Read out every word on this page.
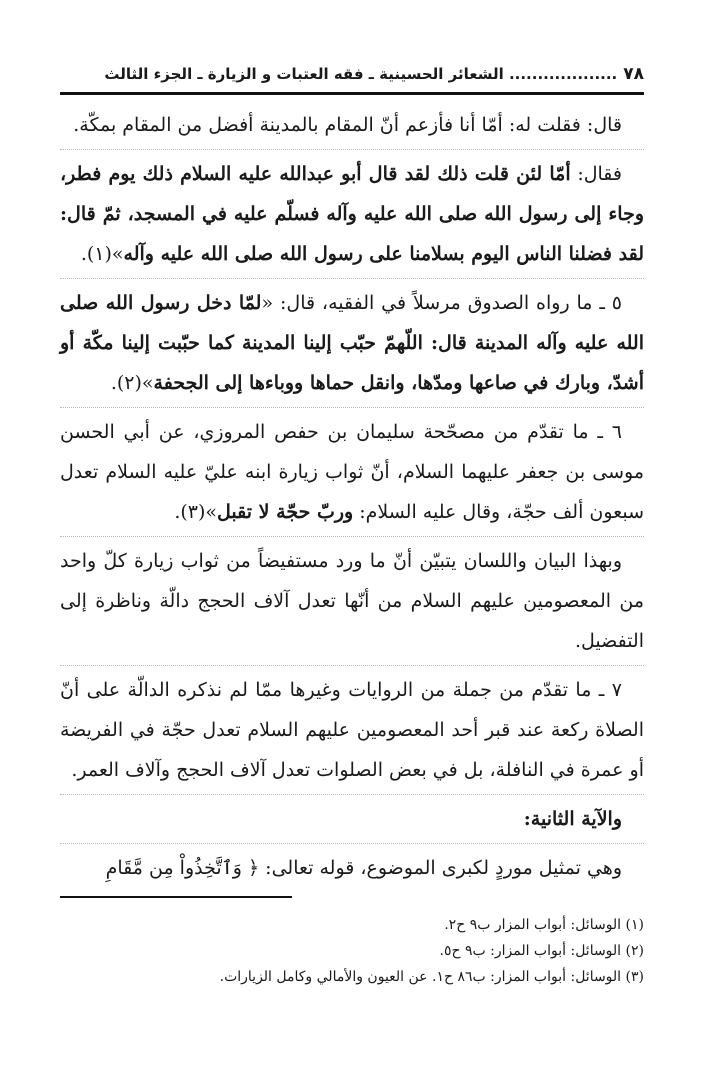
٧٨
................... الشعائر الحسينية ـ فقه العتبات و الزيارة ـ الجزء الثالث

قال: فقلت له: أمّا أنا فأزعم أنّ المقام بالمدينة أفضل من المقام بمكّة.

فقال: أمّا لئن قلت ذلك لقد قال أبو عبدالله عليه السلام ذلك يوم فطر، وجاء إلى رسول الله صلى الله عليه وآله فسلّم عليه في المسجد، ثمّ قال: لقد فضلنا الناس اليوم بسلامنا على رسول الله صلى الله عليه وآله»(١).

٥ ـ ما رواه الصدوق مرسلاً في الفقيه، قال: «لمّا دخل رسول الله صلى الله عليه وآله المدينة قال: اللّهمّ حبّب إلينا المدينة كما حبّبت إلينا مكّة أو أشدّ، وبارك في صاعها ومدّها، وانقل حماها ووباءها إلى الجحفة»(٢).

٦ ـ ما تقدّم من مصحّحة سليمان بن حفص المروزي، عن أبي الحسن موسى بن جعفر عليهما السلام، أنّ ثواب زيارة ابنه عليّ عليه السلام تعدل سبعون ألف حجّة، وقال عليه السلام: وربّ حجّة لا تقبل»(٣).

وبهذا البيان واللسان يتبيّن أنّ ما ورد مستفيضاً من ثواب زيارة كلّ واحد من المعصومين عليهم السلام من أنّها تعدل آلاف الحجج دالّة وناظرة إلى التفضيل.

٧ ـ ما تقدّم من جملة من الروايات وغيرها ممّا لم نذكره الدالّة على أنّ الصلاة ركعة عند قبر أحد المعصومين عليهم السلام تعدل حجّة في الفريضة أو عمرة في النافلة، بل في بعض الصلوات تعدل آلاف الحجج وآلاف العمر.

والآية الثانية:

وهي تمثيل موردٍ لكبرى الموضوع، قوله تعالى: ﴿ وَٱتَّخِذُواْ مِن مَّقَامِ

(١) الوسائل: أبواب المزار ب٩ ح٢.
(٢) الوسائل: أبواب المزار: ب٩ ح٥.
(٣) الوسائل: أبواب المزار: ب٨٦ ح١. عن العيون والأمالي وكامل الزيارات.
